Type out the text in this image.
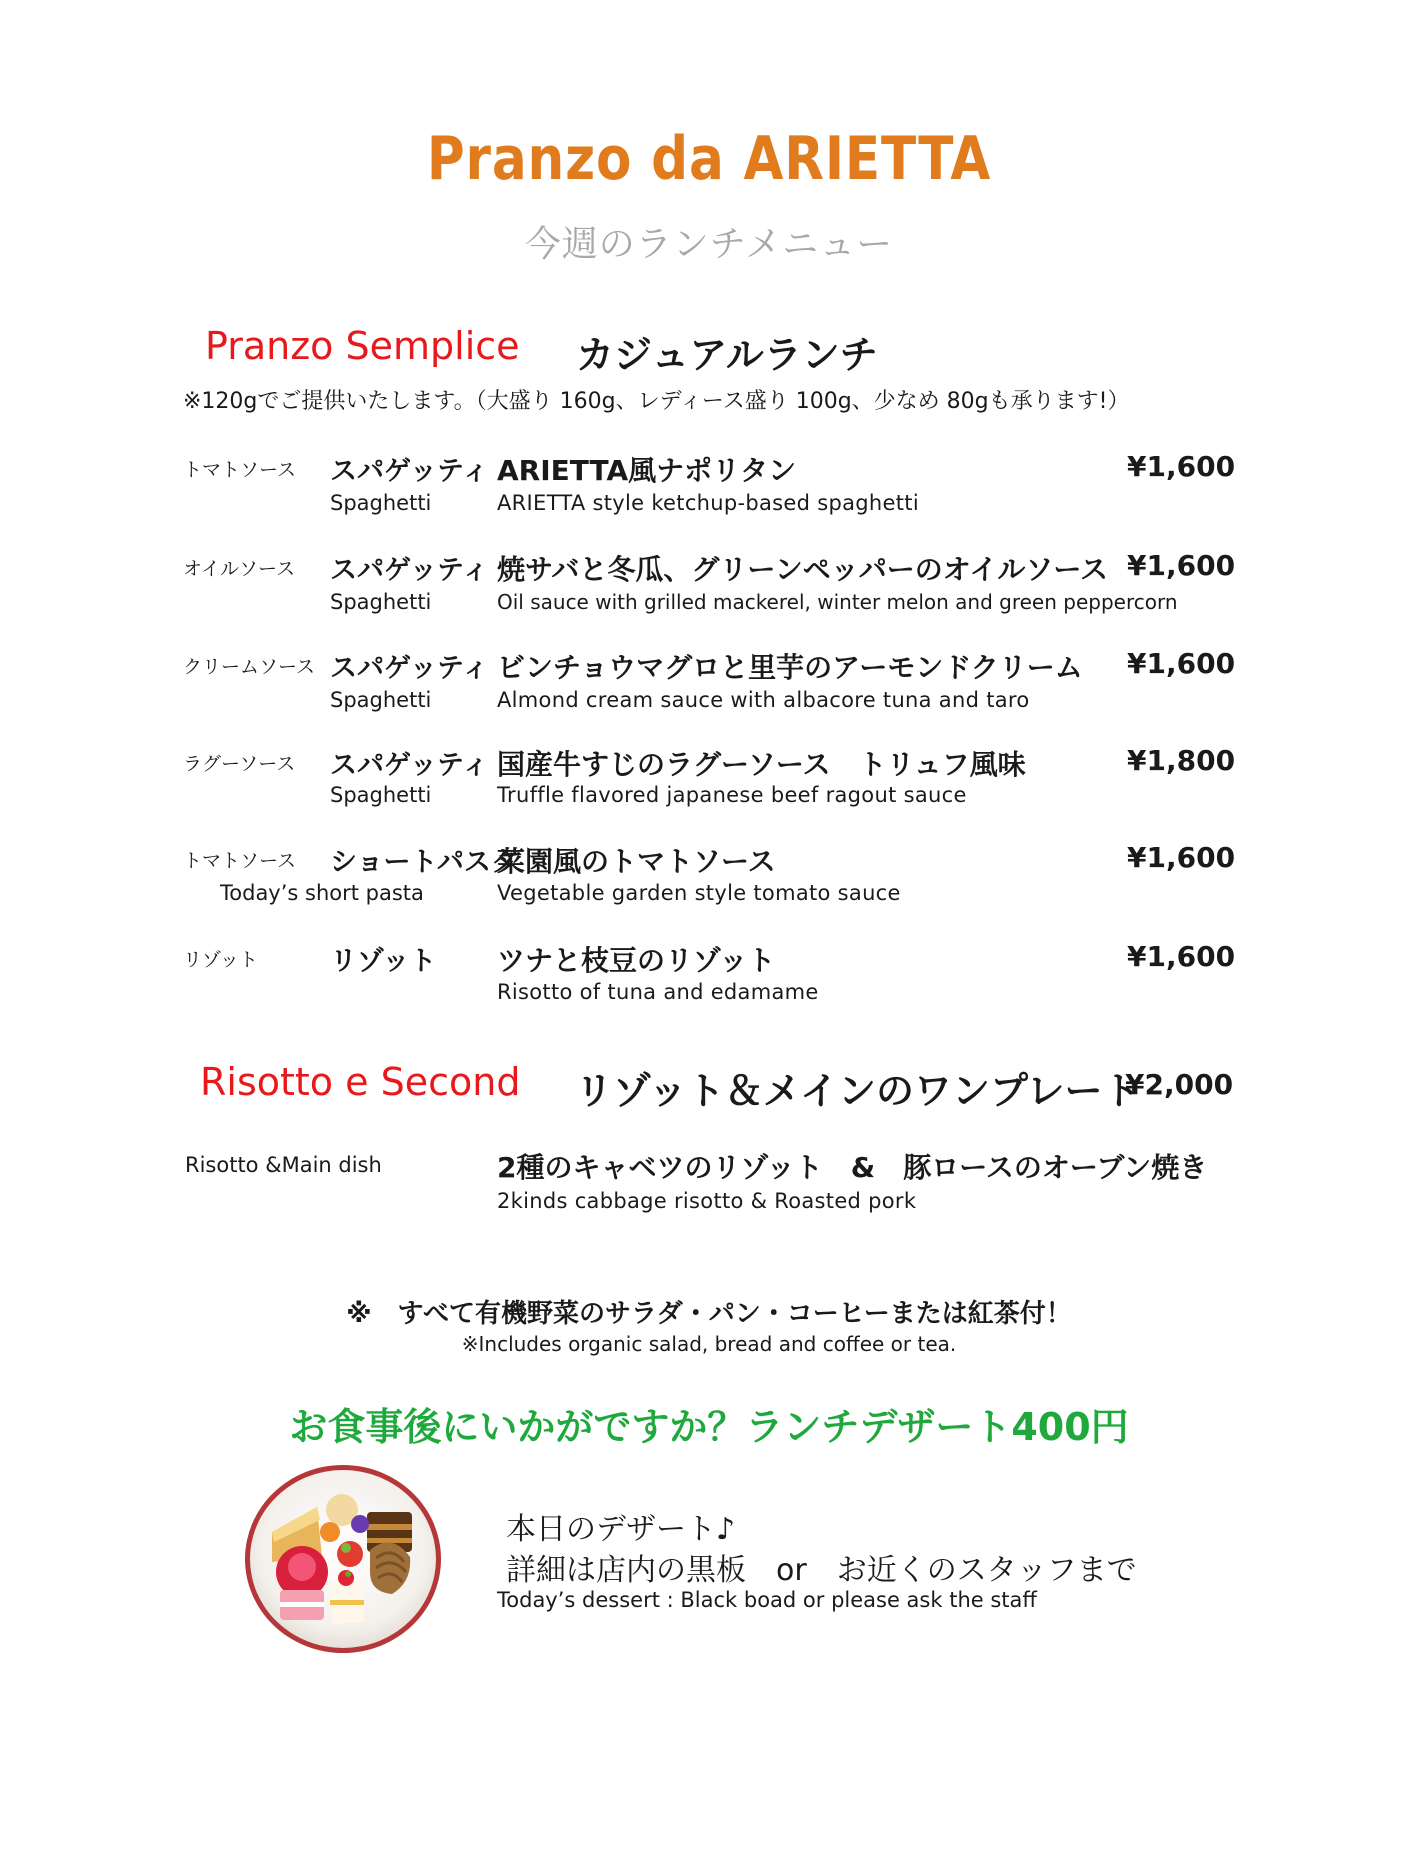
Pranzo da ARIETTA
今週のランチメニュー
Pranzo Semplice カジュアルランチ
※120gでご提供いたします。（大盛り 160g、レディース盛り 100g、少なめ 80gも承ります!）
トマトソース スパゲッティ
Spaghetti
ARIETTA風ナポリタン
ARIETTA style ketchup-based spaghetti
¥1,600
オイルソース スパゲッティ
Spaghetti
焼サバと冬瓜、グリーンペッパーのオイルソース
Oil sauce with grilled mackerel, winter melon and green peppercorn
¥1,600
クリームソース スパゲッティ
Spaghetti
ビンチョウマグロと里芋のアーモンドクリーム
Almond cream sauce with albacore tuna and taro
¥1,600
ラグーソース スパゲッティ
Spaghetti
国産牛すじのラグーソース　トリュフ風味
Truffle flavored japanese beef ragout sauce
¥1,800
トマトソース ショートパスタ
Today’s short pasta
菜園風のトマトソース
Vegetable garden style tomato sauce
¥1,600
リゾット	リゾット ツナと枝豆のリゾット
Risotto of tuna and edamame
¥1,600
Risotto e Second リゾット＆メインのワンプレート
¥2,000
Risotto &Main dish	2種のキャベツのリゾット　&　豚ロースのオーブン焼き
2kinds cabbage risotto & Roasted pork
※　すべて有機野菜のサラダ・パン・コーヒーまたは紅茶付！
※Includes organic salad, bread and coffee or tea.
お食事後にいかがですか？ランチデザート400円
本日のデザート♪
詳細は店内の黒板　or　お近くのスタッフまで
Today’s dessert : Black boad or please ask the staff
